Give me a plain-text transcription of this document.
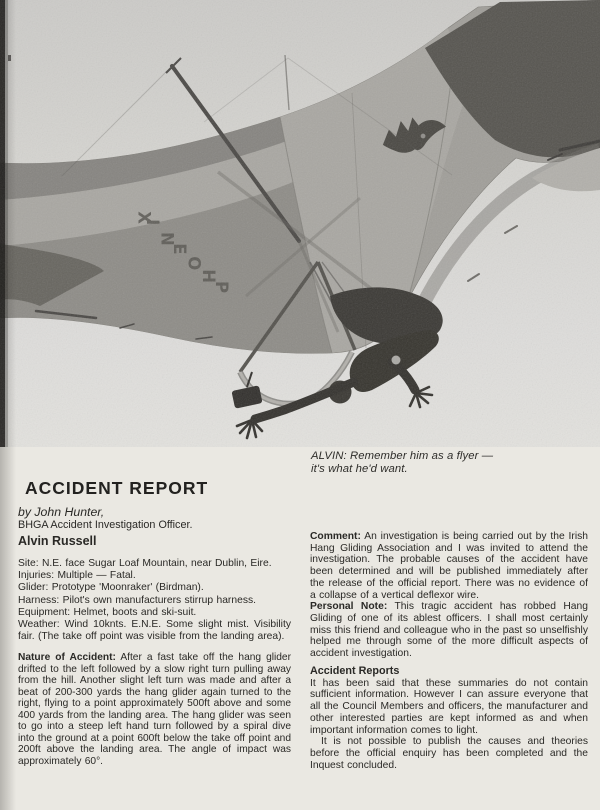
PHOENIX
ALVIN: Remember him as a flyer —
it's what he'd want.
ACCIDENT REPORT

by John Hunter,

BHGA Accident Investigation Officer.

Alvin Russell

Site: N.E. face Sugar Loaf Mountain, near Dublin, Eire.

Injuries: Multiple — Fatal.

Glider: Prototype 'Moonraker' (Birdman).

Harness: Pilot's own manufacturers stirrup harness.

Equipment: Helmet, boots and ski-suit.

Weather: Wind 10knts. E.N.E. Some slight mist. Visibility fair. (The take off point was visible from the landing area).

Nature of Accident: After a fast take off the hang glider drifted to the left followed by a slow right turn pulling away from the hill. Another slight left turn was made and after a beat of 200-300 yards the hang glider again turned to the right, flying to a point approximately 500ft above and some 400 yards from the landing area. The hang glider was seen to go into a steep left hand turn followed by a spiral dive into the ground at a point 600ft below the take off point and 200ft above the landing area. The angle of impact was approximately 60°.

Comment: An investigation is being carried out by the Irish Hang Gliding Association and I was invited to attend the investigation. The probable causes of the accident have been determined and will be published immediately after the release of the official report. There was no evidence of a collapse of a vertical deflexor wire.

Personal Note: This tragic accident has robbed Hang Gliding of one of its ablest officers. I shall most certainly miss this friend and colleague who in the past so unselfishly helped me through some of the more difficult aspects of accident investigation.

Accident Reports

It has been said that these summaries do not contain sufficient information. However I can assure everyone that all the Council Members and officers, the manufacturer and other interested parties are kept informed as and when important information comes to light.

It is not possible to publish the causes and theories before the official enquiry has been completed and the Inquest concluded.
